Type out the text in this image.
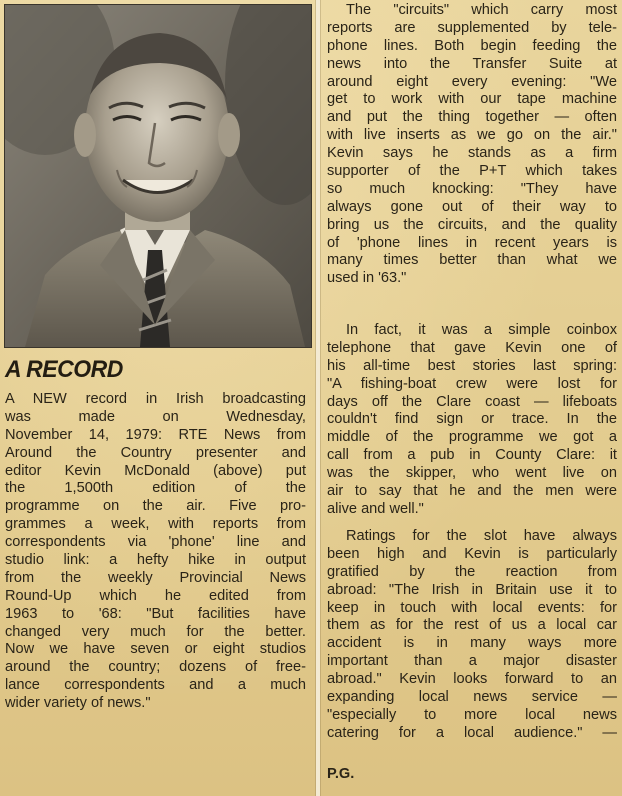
A RECORD
A NEW record in Irish broadcasting
was made on Wednesday,
November 14, 1979: RTE News from
Around the Country presenter and
editor Kevin McDonald (above) put
the 1,500th edition of the
programme on the air. Five pro-
grammes a week, with reports from
correspondents via 'phone' line and
studio link: a hefty hike in output
from the weekly Provincial News
Round-Up which he edited from
1963 to '68: "But facilities have
changed very much for the better.
Now we have seven or eight studios
around the country; dozens of free-
lance correspondents and a much
wider variety of news."
The "circuits" which carry most
reports are supplemented by tele-
phone lines. Both begin feeding the
news into the Transfer Suite at
around eight every evening: "We
get to work with our tape machine
and put the thing together — often
with live inserts as we go on the air."
Kevin says he stands as a firm
supporter of the P+T which takes
so much knocking: "They have
always gone out of their way to
bring us the circuits, and the quality
of 'phone lines in recent years is
many times better than what we
used in '63."
In fact, it was a simple coinbox
telephone that gave Kevin one of
his all-time best stories last spring:
"A fishing-boat crew were lost for
days off the Clare coast — lifeboats
couldn't find sign or trace. In the
middle of the programme we got a
call from a pub in County Clare: it
was the skipper, who went live on
air to say that he and the men were
alive and well."
Ratings for the slot have always
been high and Kevin is particularly
gratified by the reaction from
abroad: "The Irish in Britain use it to
keep in touch with local events: for
them as for the rest of us a local car
accident is in many ways more
important than a major disaster
abroad." Kevin looks forward to an
expanding local news service —
"especially to more local news
catering for a local audience." —
P.G.
